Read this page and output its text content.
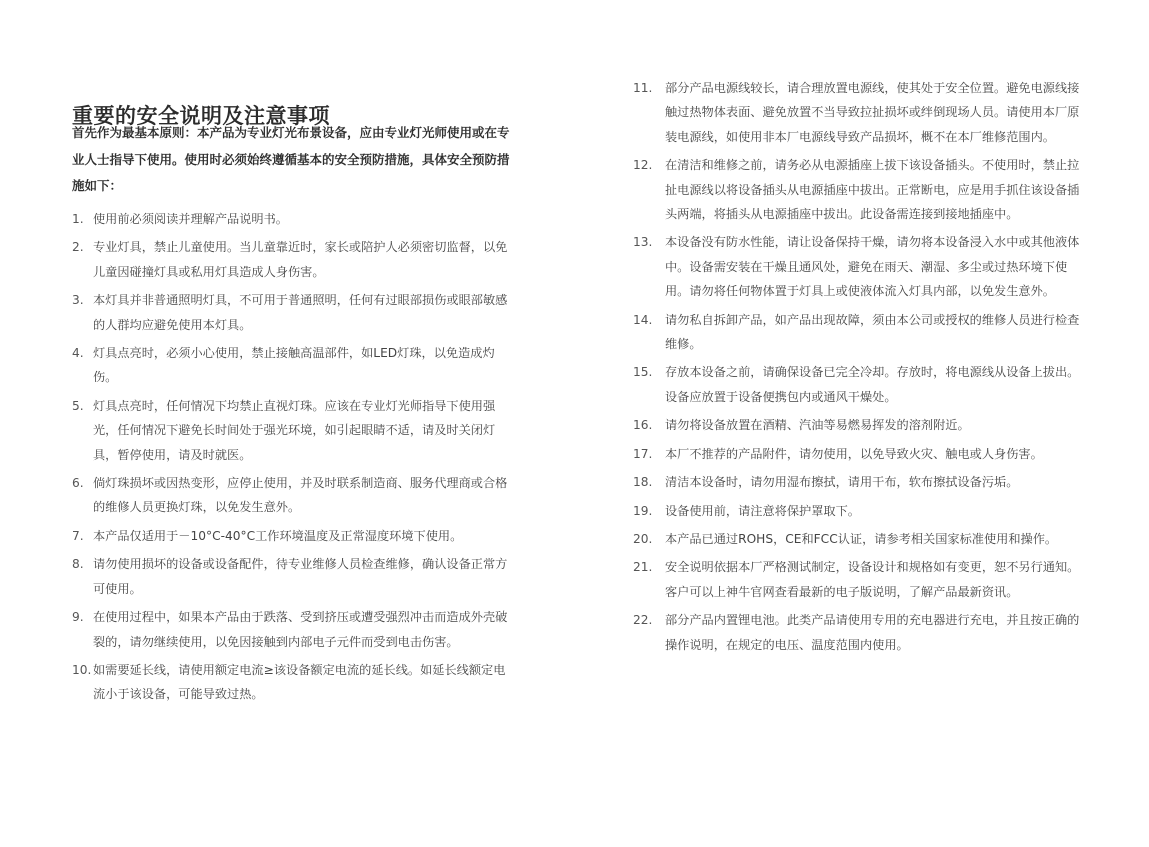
重要的安全说明及注意事项

首先作为最基本原则：本产品为专业灯光布景设备，应由专业灯光师使用或在专业人士指导下使用。使用时必须始终遵循基本的安全预防措施，具体安全预防措施如下：

1. 使用前必须阅读并理解产品说明书。
2. 专业灯具，禁止儿童使用。当儿童靠近时，家长或陪护人必须密切监督，以免儿童因碰撞灯具或私用灯具造成人身伤害。
3. 本灯具并非普通照明灯具，不可用于普通照明，任何有过眼部损伤或眼部敏感的人群均应避免使用本灯具。
4. 灯具点亮时，必须小心使用，禁止接触高温部件，如LED灯珠，以免造成灼伤。
5. 灯具点亮时，任何情况下均禁止直视灯珠。应该在专业灯光师指导下使用强光，任何情况下避免长时间处于强光环境，如引起眼睛不适，请及时关闭灯具，暂停使用，请及时就医。
6. 倘灯珠损坏或因热变形，应停止使用，并及时联系制造商、服务代理商或合格的维修人员更换灯珠，以免发生意外。
7. 本产品仅适用于－10°C-40°C工作环境温度及正常湿度环境下使用。
8. 请勿使用损坏的设备或设备配件，待专业维修人员检查维修，确认设备正常方可使用。
9. 在使用过程中，如果本产品由于跌落、受到挤压或遭受强烈冲击而造成外壳破裂的，请勿继续使用，以免因接触到内部电子元件而受到电击伤害。
10. 如需要延长线，请使用额定电流≥该设备额定电流的延长线。如延长线额定电流小于该设备，可能导致过热。
11.	部分产品电源线较长，请合理放置电源线，使其处于安全位置。避免电源线接触过热物体表面、避免放置不当导致拉扯损坏或绊倒现场人员。请使用本厂原装电源线，如使用非本厂电源线导致产品损坏，概不在本厂维修范围内。
12.	在清洁和维修之前，请务必从电源插座上拔下该设备插头。不使用时，禁止拉扯电源线以将设备插头从电源插座中拔出。正常断电，应是用手抓住该设备插头两端，将插头从电源插座中拔出。此设备需连接到接地插座中。
13.	本设备没有防水性能，请让设备保持干燥，请勿将本设备浸入水中或其他液体中。设备需安装在干燥且通风处，避免在雨天、潮湿、多尘或过热环境下使用。请勿将任何物体置于灯具上或使液体流入灯具内部，以免发生意外。
14.	请勿私自拆卸产品，如产品出现故障，须由本公司或授权的维修人员进行检查维修。
15.	存放本设备之前，请确保设备已完全冷却。存放时，将电源线从设备上拔出。设备应放置于设备便携包内或通风干燥处。
16.	请勿将设备放置在酒精、汽油等易燃易挥发的溶剂附近。
17.	本厂不推荐的产品附件，请勿使用，以免导致火灾、触电或人身伤害。
18.	清洁本设备时，请勿用湿布擦拭，请用干布，软布擦拭设备污垢。
19.	设备使用前，请注意将保护罩取下。
20.	本产品已通过ROHS，CE和FCC认证，请参考相关国家标准使用和操作。
21.	安全说明依据本厂严格测试制定，设备设计和规格如有变更，恕不另行通知。客户可以上神牛官网查看最新的电子版说明，了解产品最新资讯。
22.	部分产品内置锂电池。此类产品请使用专用的充电器进行充电，并且按正确的操作说明，在规定的电压、温度范围内使用。
